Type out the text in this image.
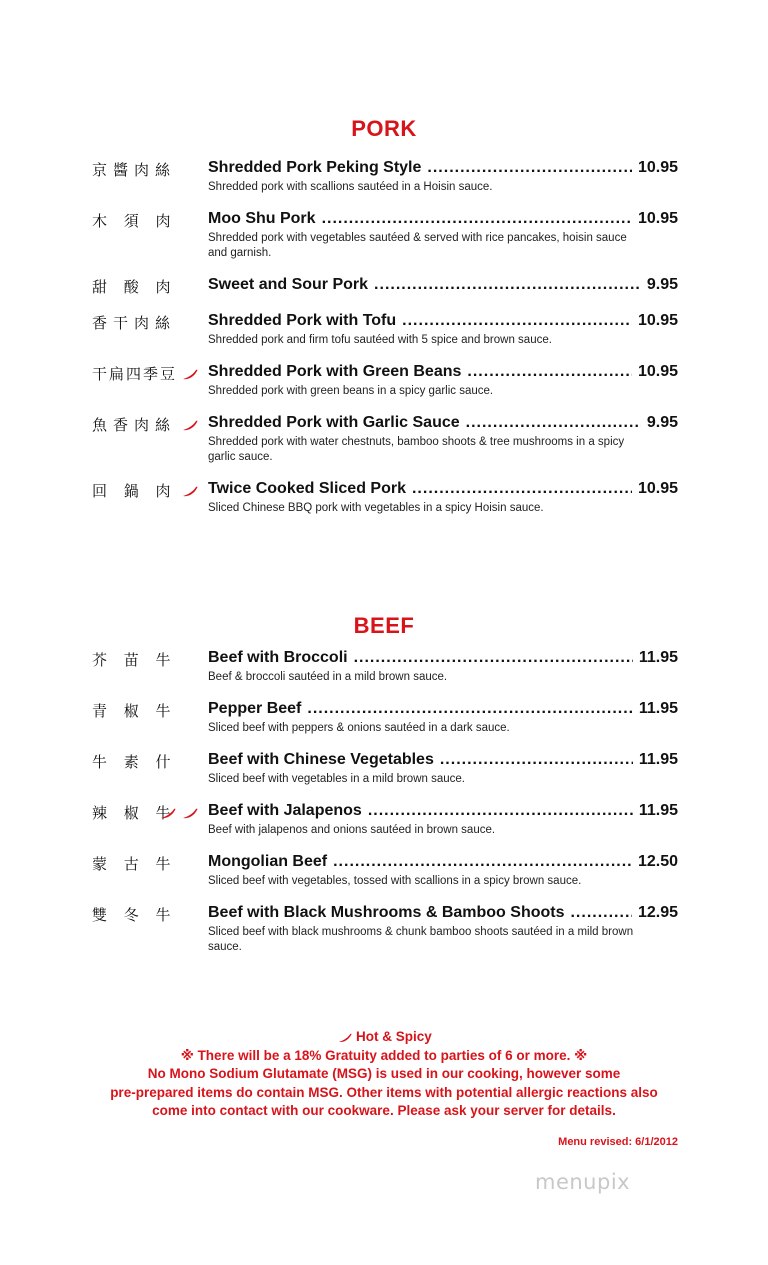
PORK
京醬肉絲 Shredded Pork Peking Style .....	10.95
Shredded pork with scallions sautéed in a Hoisin sauce.
木 須 肉 Moo Shu Pork .....	10.95
Shredded pork with vegetables sautéed & served with rice pancakes, hoisin sauce and garnish.
甜 酸 肉 Sweet and Sour Pork .....	9.95
香干肉絲 Shredded Pork with Tofu .....	10.95
Shredded pork and firm tofu sautéed with 5 spice and brown sauce.
干扁四季豆 Shredded Pork with Green Beans .....	10.95
Shredded pork with green beans in a spicy garlic sauce.
魚香肉絲 Shredded Pork with Garlic Sauce .....	9.95
Shredded pork with water chestnuts, bamboo shoots & tree mushrooms in a spicy garlic sauce.
回 鍋 肉 Twice Cooked Sliced Pork .....	10.95
Sliced Chinese BBQ pork with vegetables in a spicy Hoisin sauce.
BEEF
芥 苗 牛 Beef with Broccoli .....	11.95
Beef & broccoli sautéed in a mild brown sauce.
青 椒 牛 Pepper Beef .....	11.95
Sliced beef with peppers & onions sautéed in a dark sauce.
牛 素 什 Beef with Chinese Vegetables .....	11.95
Sliced beef with vegetables in a mild brown sauce.
辣 椒 牛 Beef with Jalapenos .....	11.95
Beef with jalapenos and onions sautéed in brown sauce.
蒙 古 牛 Mongolian Beef .....	12.50
Sliced beef with vegetables, tossed with scallions in a spicy brown sauce.
雙 冬 牛 Beef with Black Mushrooms & Bamboo Shoots .....	12.95
Sliced beef with black mushrooms & chunk bamboo shoots sautéed in a mild brown sauce.
Hot & Spicy
※ There will be a 18% Gratuity added to parties of 6 or more. ※
No Mono Sodium Glutamate (MSG) is used in our cooking, however some
pre-prepared items do contain MSG. Other items with potential allergic reactions also
come into contact with our cookware. Please ask your server for details.
Menu revised: 6/1/2012
menupix
